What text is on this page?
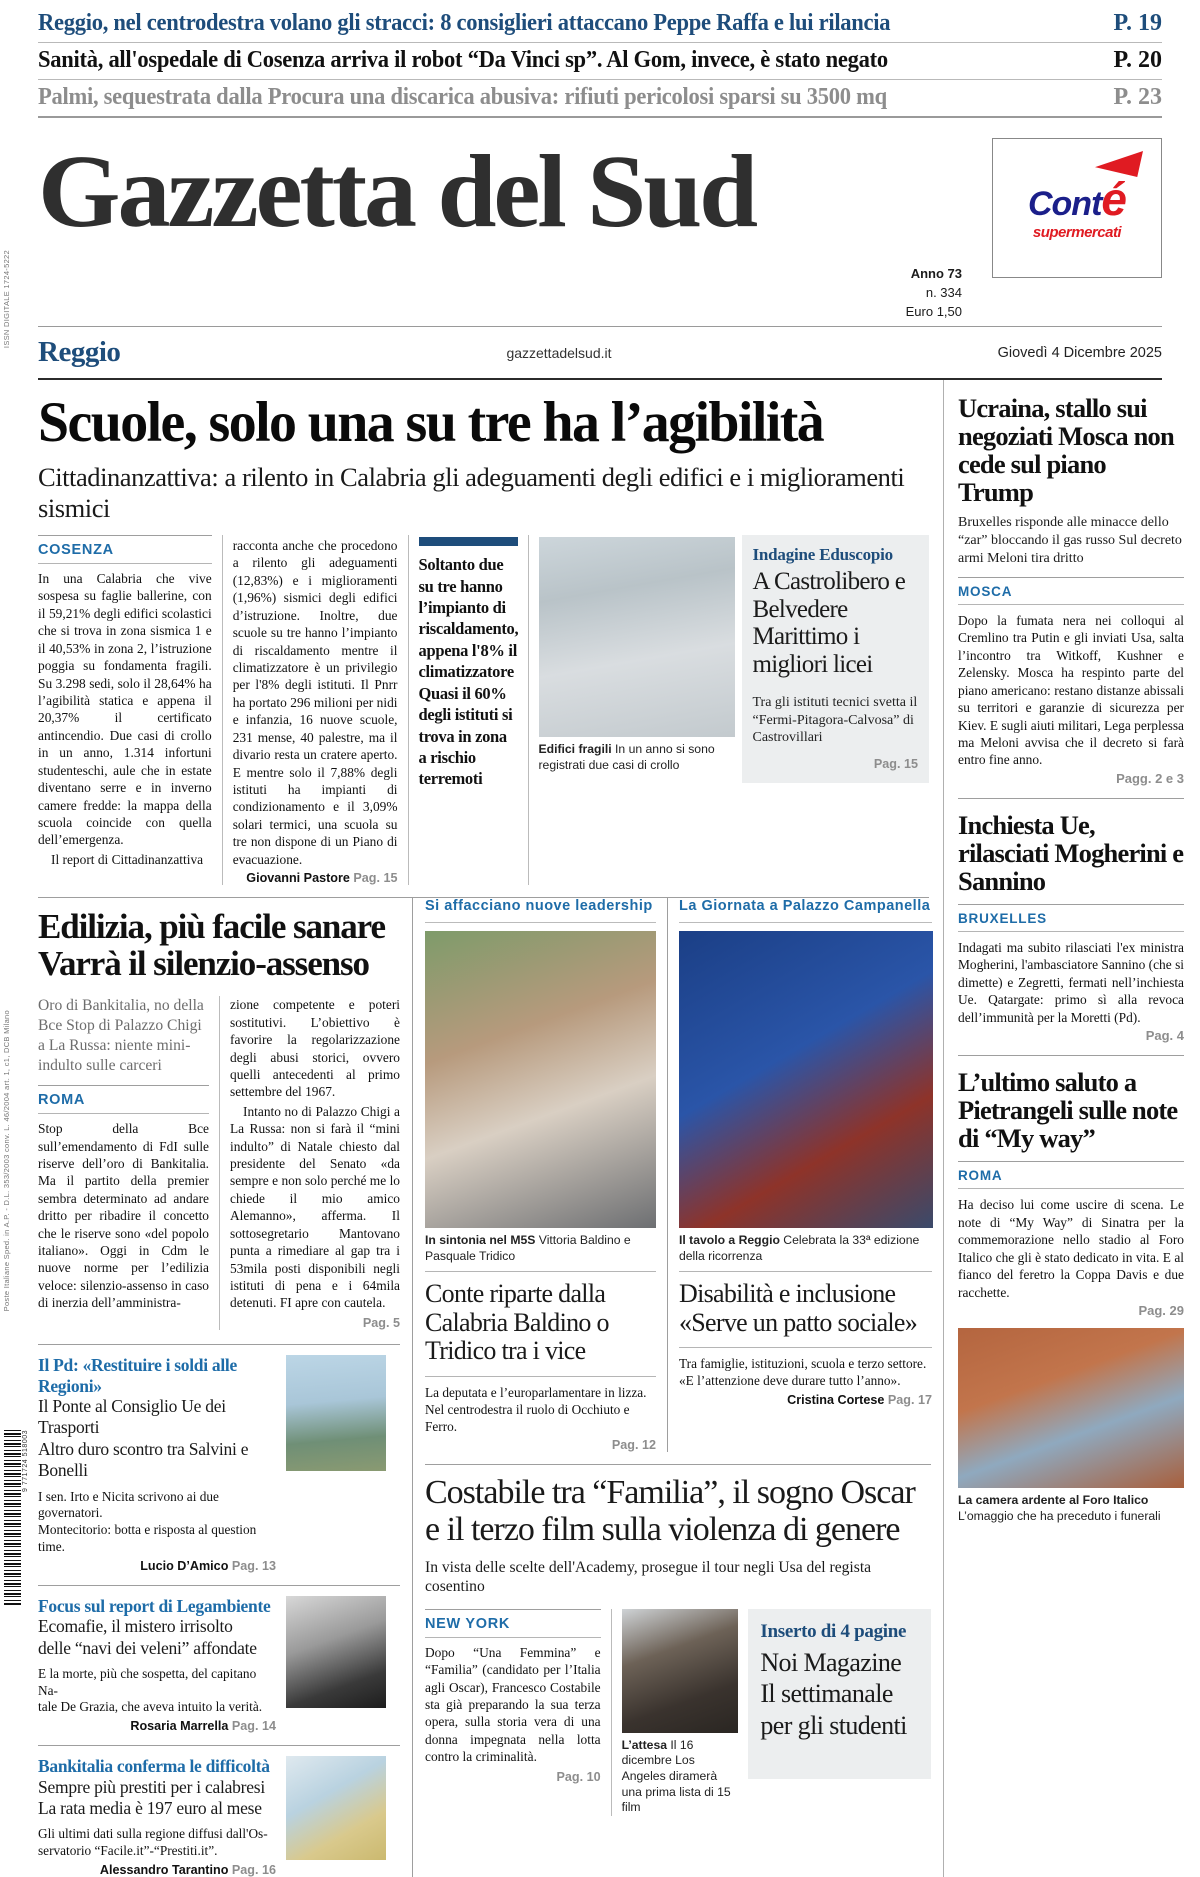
ISSN DIGITALE 1724-5222
Poste Italiane Sped. in A.P. - D.L. 353/2003 conv. L. 46/2004 art. 1, c1, DCB Milano
9 771724 518003
Reggio, nel centrodestra volano gli stracci: 8 consiglieri attaccano Peppe Raffa e lui rilancia	P. 19
Sanità, all'ospedale di Cosenza arriva il robot “Da Vinci sp”. Al Gom, invece, è stato negato	P. 20
Palmi, sequestrata dalla Procura una discarica abusiva: rifiuti pericolosi sparsi su 3500 mq	P. 23
Gazzetta del Sud
Anno 73
n. 334
Euro 1,50
Conté
supermercati
Reggio	gazzettadelsud.it	Giovedì 4 Dicembre 2025
Scuole, solo una su tre ha l’agibilità
Cittadinanzattiva: a rilento in Calabria gli adeguamenti degli edifici e i miglioramenti sismici
COSENZA

In una Calabria che vive sospesa su faglie ballerine, con il 59,21% degli edifici scolastici che si trova in zona sismica 1 e il 40,53% in zona 2, l’istruzione poggia su fondamenta fragili. Su 3.298 sedi, solo il 28,64% ha l’agibilità statica e appena il 20,37% il certificato antincendio. Due casi di crollo in un anno, 1.314 infortuni studenteschi, aule che in estate diventano serre e in inverno camere fredde: la mappa della scuola coincide con quella dell’emergenza.

Il report di Cittadinanzattiva

racconta anche che procedono a rilento gli adeguamenti (12,83%) e i miglioramenti (1,96%) sismici degli edifici d’istruzione. Inoltre, due scuole su tre hanno l’impianto di riscaldamento mentre il climatizzatore è un privilegio per l'8% degli istituti. Il Pnrr ha portato 296 milioni per nidi e infanzia, 16 nuove scuole, 231 mense, 40 palestre, ma il divario resta un cratere aperto. E mentre solo il 7,88% degli istituti ha impianti di condizionamento e il 3,09% solari termici, una scuola su tre non dispone di un Piano di evacuazione.

Giovanni Pastore Pag. 15
Soltanto due su tre hanno l’impianto di riscaldamento, appena l'8% il climatizzatore Quasi il 60% degli istituti si trova in zona a rischio terremoti
Edifici fragili In un anno si sono registrati due casi di crollo
Indagine Eduscopio
A Castrolibero e Belvedere Marittimo i migliori licei
Tra gli istituti tecnici svetta il “Fermi-Pitagora-Calvosa” di Castrovillari
Pag. 15
Edilizia, più facile sanare Varrà il silenzio-assenso
Oro di Bankitalia, no della Bce Stop di Palazzo Chigi a La Russa: niente mini-indulto sulle carceri
ROMA

Stop della Bce sull’emendamento di FdI sulle riserve dell’oro di Bankitalia. Ma il partito della premier sembra determinato ad andare dritto per ribadire il concetto che le riserve sono «del popolo italiano». Oggi in Cdm le nuove norme per l’edilizia veloce: silenzio-assenso in caso di inerzia dell’amministra-

zione competente e poteri sostitutivi. L’obiettivo è favorire la regolarizzazione degli abusi storici, ovvero quelli antecedenti al primo settembre del 1967.

Intanto no di Palazzo Chigi a La Russa: non si farà il “mini indulto” di Natale chiesto dal presidente del Senato «da sempre e non solo perché me lo chiede il mio amico Alemanno», afferma. Il sottosegretario Mantovano punta a rimediare al gap tra i 53mila posti disponibili negli istituti di pena e i 64mila detenuti. FI apre con cautela.

Pag. 5
Il Pd: «Restituire i soldi alle Regioni»
Il Ponte al Consiglio Ue dei Trasporti
Altro duro scontro tra Salvini e Bonelli
I sen. Irto e Nicita scrivono ai due governatori.
Montecitorio: botta e risposta al question time.
Lucio D’Amico Pag. 13
Focus sul report di Legambiente
Ecomafie, il mistero irrisolto
delle “navi dei veleni” affondate
E la morte, più che sospetta, del capitano Na-
tale De Grazia, che aveva intuito la verità.
Rosaria Marrella Pag. 14
Bankitalia conferma le difficoltà
Sempre più prestiti per i calabresi
La rata media è 197 euro al mese
Gli ultimi dati sulla regione diffusi dall'Os-
servatorio “Facile.it”-“Prestiti.it”.
Alessandro Tarantino Pag. 16
Si affacciano nuove leadership
In sintonia nel M5S Vittoria Baldino e Pasquale Tridico
Conte riparte dalla Calabria Baldino o Tridico tra i vice
La deputata e l’europarlamentare in lizza.
Nel centrodestra il ruolo di Occhiuto e Ferro.
Pag. 12
La Giornata a Palazzo Campanella
Il tavolo a Reggio Celebrata la 33ª edizione della ricorrenza
Disabilità e inclusione «Serve un patto sociale»
Tra famiglie, istituzioni, scuola e terzo settore. «E l’attenzione deve durare tutto l’anno».
Cristina Cortese Pag. 17
Costabile tra “Familia”, il sogno Oscar e il terzo film sulla violenza di genere
In vista delle scelte dell'Academy, prosegue il tour negli Usa del regista cosentino
NEW YORK

Dopo “Una Femmina” e “Familia” (candidato per l’Italia agli Oscar), Francesco Costabile sta già preparando la sua terza opera, sulla storia vera di una donna impegnata nella lotta contro la criminalità.

Pag. 10
L’attesa Il 16 dicembre Los Angeles diramerà una prima lista di 15 film
Inserto di 4 pagine
Noi Magazine
Il settimanale
per gli studenti
Ucraina, stallo sui negoziati Mosca non cede sul piano Trump
Bruxelles risponde alle minacce dello “zar” bloccando il gas russo Sul decreto armi Meloni tira dritto
MOSCA

Dopo la fumata nera nei colloqui al Cremlino tra Putin e gli inviati Usa, salta l’incontro tra Witkoff, Kushner e Zelensky. Mosca ha respinto parte del piano americano: restano distanze abissali su territori e garanzie di sicurezza per Kiev. E sugli aiuti militari, Lega perplessa ma Meloni avvisa che il decreto si farà entro fine anno.

Pagg. 2 e 3
Inchiesta Ue, rilasciati Mogherini e Sannino
BRUXELLES

Indagati ma subito rilasciati l'ex ministra Mogherini, l'ambasciatore Sannino (che si dimette) e Zegretti, fermati nell’inchiesta Ue. Qatargate: primo sì alla revoca dell’immunità per la Moretti (Pd).

Pag. 4
L’ultimo saluto a Pietrangeli sulle note di “My way”
ROMA

Ha deciso lui come uscire di scena. Le note di “My Way” di Sinatra per la commemorazione nello stadio al Foro Italico che gli è stato dedicato in vita. E al fianco del feretro la Coppa Davis e due racchette.

Pag. 29
La camera ardente al Foro Italico
L’omaggio che ha preceduto i funerali
